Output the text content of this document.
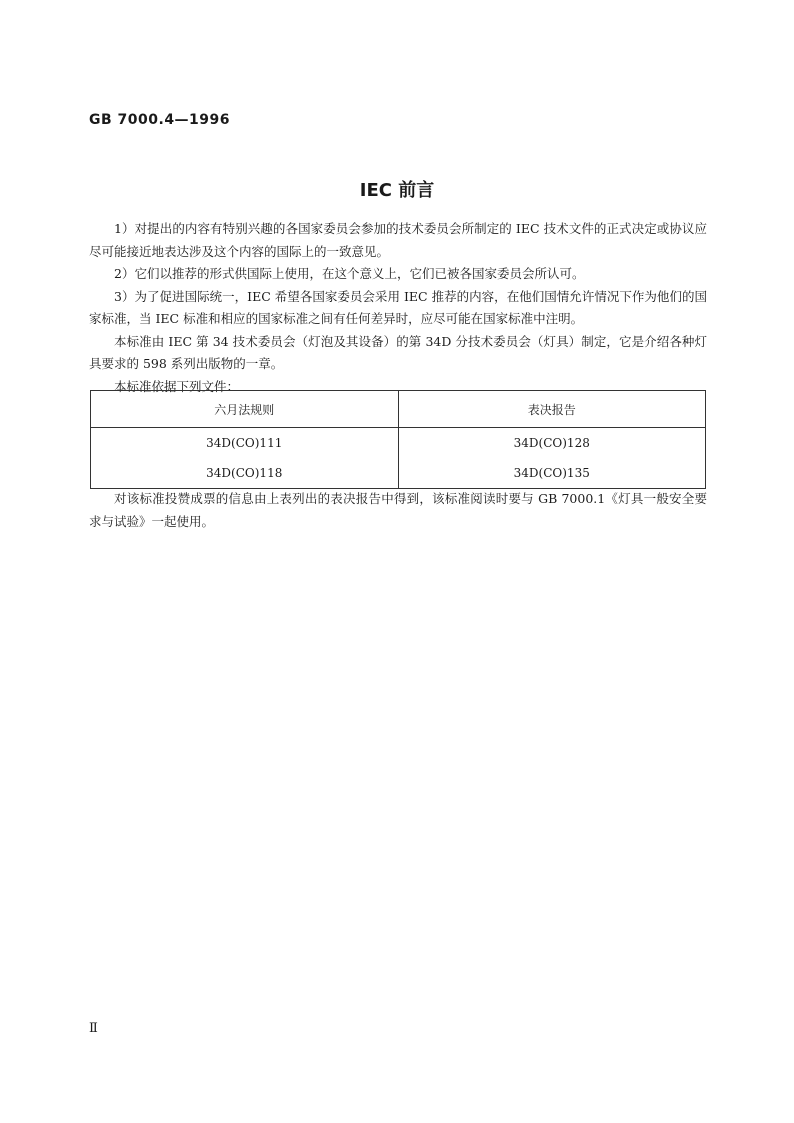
GB 7000.4—1996
IEC 前言

1）对提出的内容有特别兴趣的各国家委员会参加的技术委员会所制定的 IEC 技术文件的正式决定或协议应尽可能接近地表达涉及这个内容的国际上的一致意见。

2）它们以推荐的形式供国际上使用，在这个意义上，它们已被各国家委员会所认可。

3）为了促进国际统一，IEC 希望各国家委员会采用 IEC 推荐的内容，在他们国情允许情况下作为他们的国家标准，当 IEC 标准和相应的国家标准之间有任何差异时，应尽可能在国家标准中注明。

本标准由 IEC 第 34 技术委员会（灯泡及其设备）的第 34D 分技术委员会（灯具）制定，它是介绍各种灯具要求的 598 系列出版物的一章。

本标准依据下列文件：

六月法规则	表决报告
34D(CO)111	34D(CO)128
34D(CO)118	34D(CO)135

对该标准投赞成票的信息由上表列出的表决报告中得到，该标准阅读时要与 GB 7000.1《灯具一般安全要求与试验》一起使用。

Ⅱ
